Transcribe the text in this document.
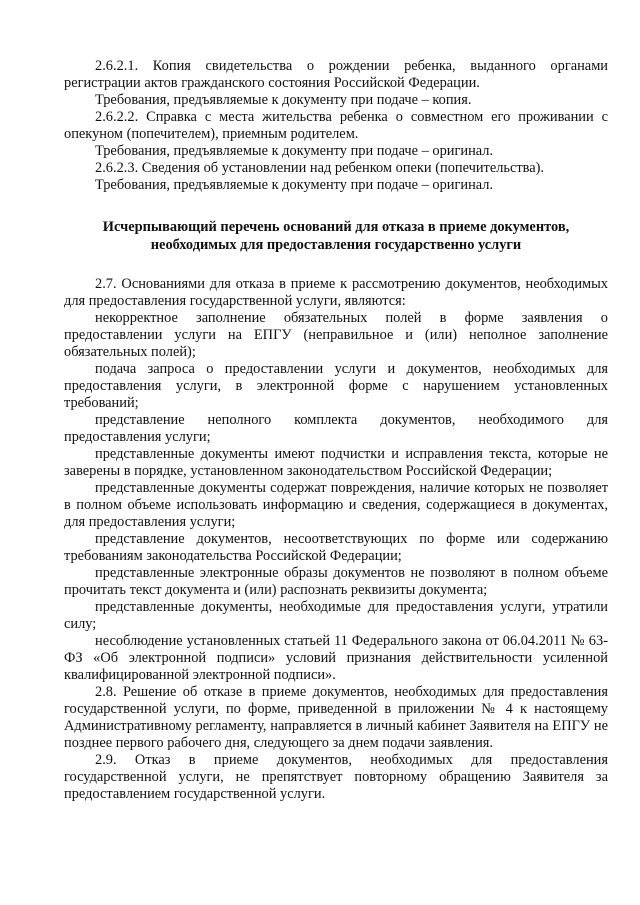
2.6.2.1. Копия свидетельства о рождении ребенка, выданного органами регистрации актов гражданского состояния Российской Федерации.

Требования, предъявляемые к документу при подаче – копия.

2.6.2.2. Справка с места жительства ребенка о совместном его проживании с опекуном (попечителем), приемным родителем.

Требования, предъявляемые к документу при подаче – оригинал.

2.6.2.3. Сведения об установлении над ребенком опеки (попечительства).

Требования, предъявляемые к документу при подаче – оригинал.

Исчерпывающий перечень оснований для отказа в приеме документов,
необходимых для предоставления государственно услуги

2.7. Основаниями для отказа в приеме к рассмотрению документов, необходимых для предоставления государственной услуги, являются:

некорректное заполнение обязательных полей в форме заявления о предоставлении услуги на ЕПГУ (неправильное и (или) неполное заполнение обязательных полей);

подача запроса о предоставлении услуги и документов, необходимых для предоставления услуги, в электронной форме с нарушением установленных требований;

представление неполного комплекта документов, необходимого для предоставления услуги;

представленные документы имеют подчистки и исправления текста, которые не заверены в порядке, установленном законодательством Российской Федерации;

представленные документы содержат повреждения, наличие которых не позволяет в полном объеме использовать информацию и сведения, содержащиеся в документах, для предоставления услуги;

представление документов, несоответствующих по форме или содержанию требованиям законодательства Российской Федерации;

представленные электронные образы документов не позволяют в полном объеме прочитать текст документа и (или) распознать реквизиты документа;

представленные документы, необходимые для предоставления услуги, утратили силу;

несоблюдение установленных статьей 11 Федерального закона от 06.04.2011 № 63-ФЗ «Об электронной подписи» условий признания действительности усиленной квалифицированной электронной подписи».

2.8. Решение об отказе в приеме документов, необходимых для предоставления государственной услуги, по форме, приведенной в приложении № 4 к настоящему Административному регламенту, направляется в личный кабинет Заявителя на ЕПГУ не позднее первого рабочего дня, следующего за днем подачи заявления.

2.9. Отказ в приеме документов, необходимых для предоставления государственной услуги, не препятствует повторному обращению Заявителя за предоставлением государственной услуги.
